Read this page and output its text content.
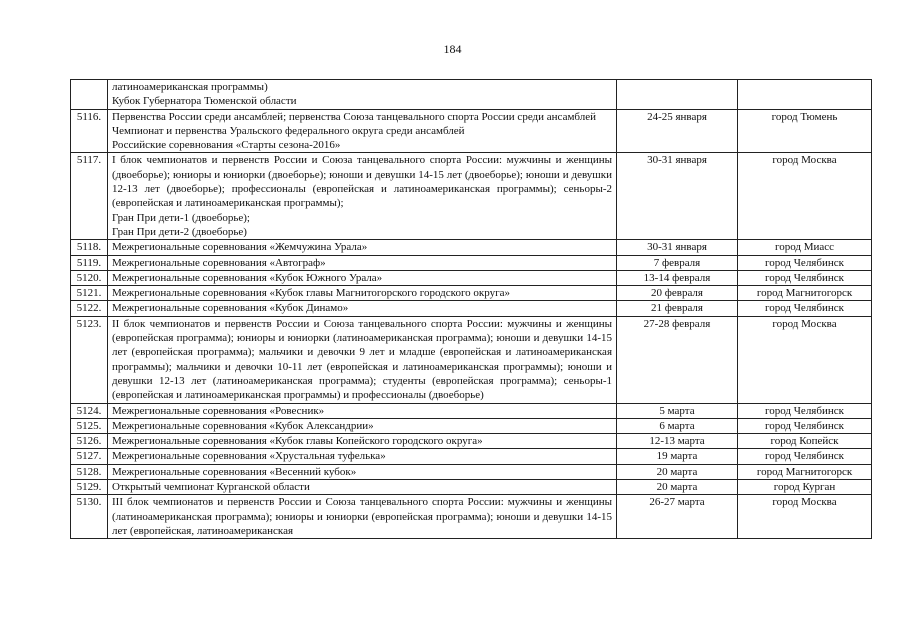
184

	латиноамериканская программы)
Кубок Губернатора Тюменской области		

5116.	Первенства России среди ансамблей; первенства Союза танцевального спорта России среди ансамблей
Чемпионат и первенства Уральского федерального округа среди ансамблей
Российские соревнования «Старты сезона-2016»	24-25 января	город Тюмень
5117.	I блок чемпионатов и первенств России и Союза танцевального спорта России: мужчины и женщины (двоеборье); юниоры и юниорки (двоеборье); юноши и девушки 14-15 лет (двоеборье); юноши и девушки 12-13 лет (двоеборье); профессионалы (европейская и латиноамериканская программы); сеньоры-2 (европейская и латиноамериканская программы);
Гран При дети-1 (двоеборье);
Гран При дети-2 (двоеборье)	30-31 января	город Москва
5118.	Межрегиональные соревнования «Жемчужина Урала»	30-31 января	город Миасс
5119.	Межрегиональные соревнования «Автограф»	7 февраля	город Челябинск
5120.	Межрегиональные соревнования «Кубок Южного Урала»	13-14 февраля	город Челябинск
5121.	Межрегиональные соревнования «Кубок главы Магнитогорского городского округа»	20 февраля	город Магнитогорск
5122.	Межрегиональные соревнования «Кубок Динамо»	21 февраля	город Челябинск
5123.	II блок чемпионатов и первенств России и Союза танцевального спорта России: мужчины и женщины (европейская программа); юниоры и юниорки (латиноамериканская программа); юноши и девушки 14-15 лет (европейская программа); мальчики и девочки 9 лет и младше (европейская и латиноамериканская программы); мальчики и девочки 10-11 лет (европейская и латиноамериканская программы); юноши и девушки 12-13 лет (латиноамериканская программа); студенты (европейская программа); сеньоры-1 (европейская и латиноамериканская программы) и профессионалы (двоеборье)	27-28 февраля	город Москва
5124.	Межрегиональные соревнования «Ровесник»	5 марта	город Челябинск
5125.	Межрегиональные соревнования «Кубок Александрии»	6 марта	город Челябинск
5126.	Межрегиональные соревнования «Кубок главы Копейского городского округа»	12-13 марта	город Копейск
5127.	Межрегиональные соревнования «Хрустальная туфелька»	19 марта	город Челябинск
5128.	Межрегиональные соревнования «Весенний кубок»	20 марта	город Магнитогорск
5129.	Открытый чемпионат Курганской области	20 марта	город Курган
5130.	III блок чемпионатов и первенств России и Союза танцевального спорта России: мужчины и женщины (латиноамериканская программа); юниоры и юниорки (европейская программа); юноши и девушки 14-15 лет (европейская, латиноамериканская	26-27 марта	город Москва
